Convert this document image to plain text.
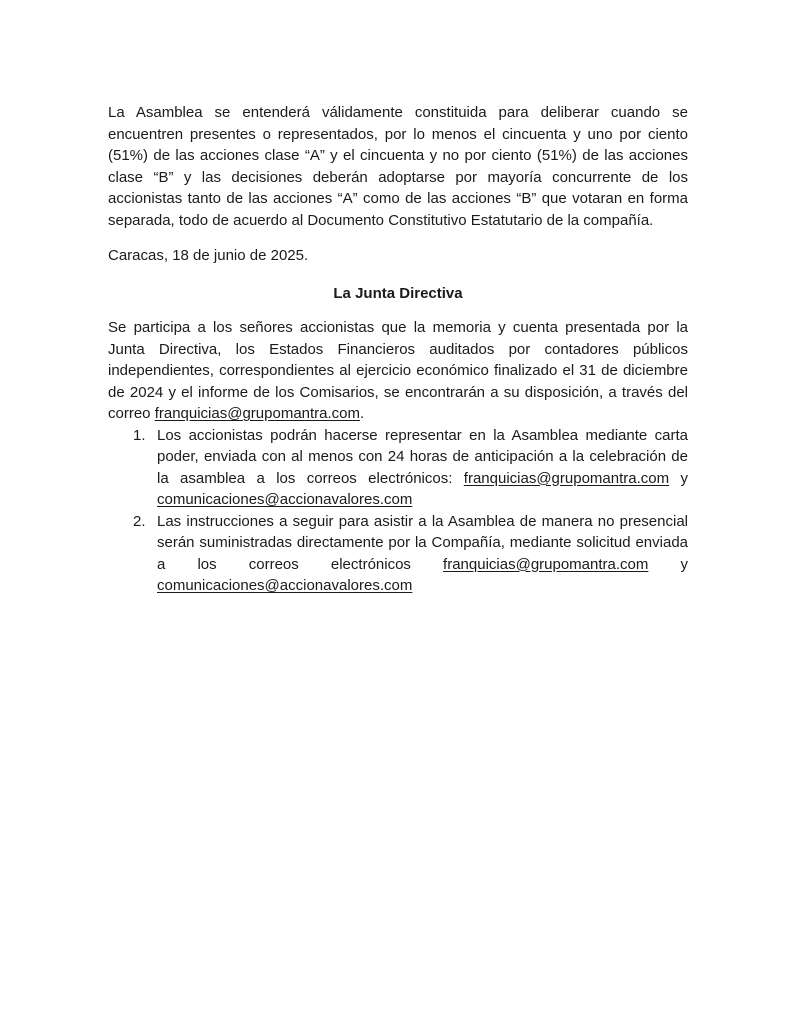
La Asamblea se entenderá válidamente constituida para deliberar cuando se encuentren presentes o representados, por lo menos el cincuenta y uno por ciento (51%) de las acciones clase “A” y el cincuenta y no por ciento (51%) de las acciones clase “B” y las decisiones deberán adoptarse por mayoría concurrente de los accionistas tanto de las acciones “A” como de las acciones “B” que votaran en forma separada, todo de acuerdo al Documento Constitutivo Estatutario de la compañía.

Caracas, 18 de junio de 2025.

La Junta Directiva

Se participa a los señores accionistas que la memoria y cuenta presentada por la Junta Directiva, los Estados Financieros auditados por contadores públicos independientes, correspondientes al ejercicio económico finalizado el 31 de diciembre de 2024 y el informe de los Comisarios, se encontrarán a su disposición, a través del correo franquicias@grupomantra.com.

1. Los accionistas podrán hacerse representar en la Asamblea mediante carta poder, enviada con al menos con 24 horas de anticipación a la celebración de la asamblea a los correos electrónicos: franquicias@grupomantra.com y comunicaciones@accionavalores.com
2. Las instrucciones a seguir para asistir a la Asamblea de manera no presencial serán suministradas directamente por la Compañía, mediante solicitud enviada a los correos electrónicos franquicias@grupomantra.com y comunicaciones@accionavalores.com
